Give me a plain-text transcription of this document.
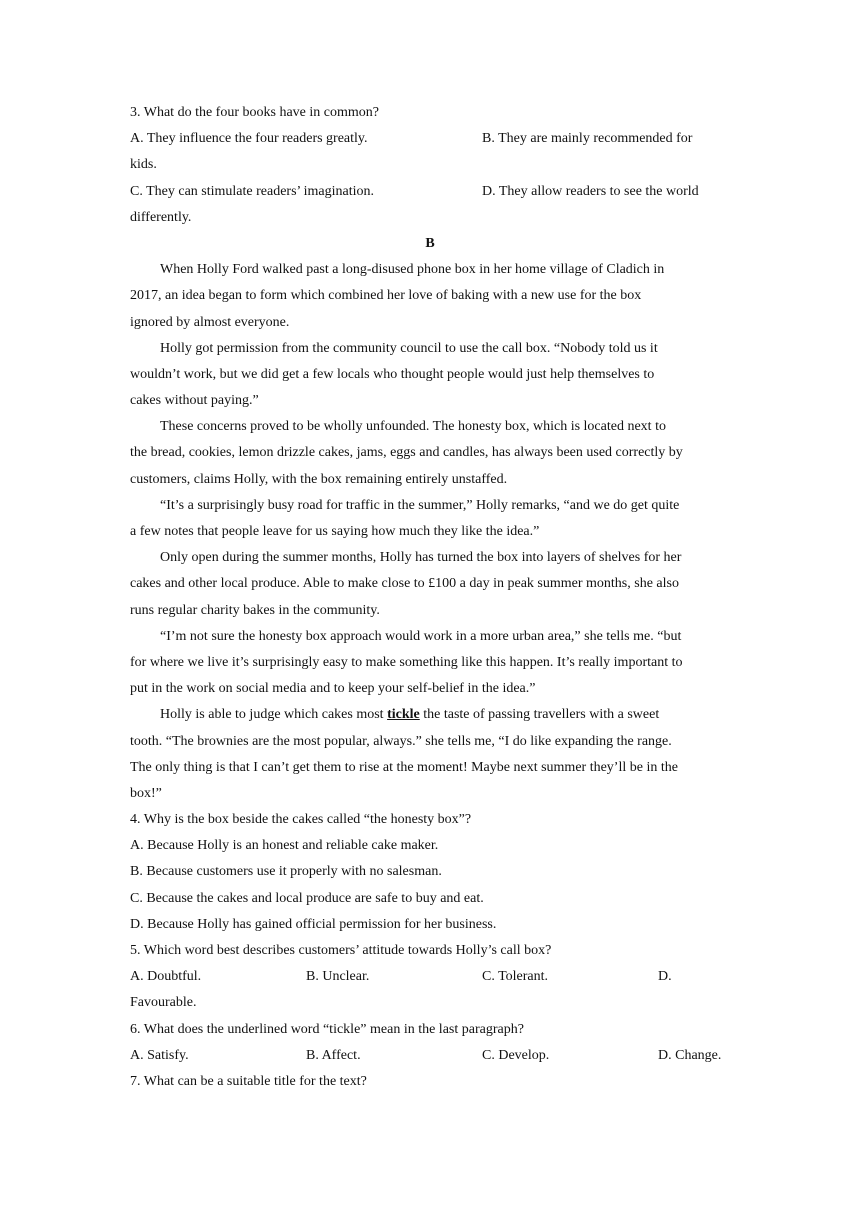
3. What do the four books have in common?
A. They influence the four readers greatly.	B. They are mainly recommended for
kids.
C. They can stimulate readers’ imagination.	D. They allow readers to see the world
differently.
B
When Holly Ford walked past a long-disused phone box in her home village of Cladich in
2017, an idea began to form which combined her love of baking with a new use for the box
ignored by almost everyone.
Holly got permission from the community council to use the call box. “Nobody told us it
wouldn’t work, but we did get a few locals who thought people would just help themselves to
cakes without paying.”
These concerns proved to be wholly unfounded. The honesty box, which is located next to
the bread, cookies, lemon drizzle cakes, jams, eggs and candles, has always been used correctly by
customers, claims Holly, with the box remaining entirely unstaffed.
“It’s a surprisingly busy road for traffic in the summer,” Holly remarks, “and we do get quite
a few notes that people leave for us saying how much they like the idea.”
Only open during the summer months, Holly has turned the box into layers of shelves for her
cakes and other local produce. Able to make close to £100 a day in peak summer months, she also
runs regular charity bakes in the community.
“I’m not sure the honesty box approach would work in a more urban area,” she tells me. “but
for where we live it’s surprisingly easy to make something like this happen. It’s really important to
put in the work on social media and to keep your self-belief in the idea.”
Holly is able to judge which cakes most tickle the taste of passing travellers with a sweet
tooth. “The brownies are the most popular, always.” she tells me, “I do like expanding the range.
The only thing is that I can’t get them to rise at the moment! Maybe next summer they’ll be in the
box!”
4. Why is the box beside the cakes called “the honesty box”?
A. Because Holly is an honest and reliable cake maker.
B. Because customers use it properly with no salesman.
C. Because the cakes and local produce are safe to buy and eat.
D. Because Holly has gained official permission for her business.
5. Which word best describes customers’ attitude towards Holly’s call box?
A. Doubtful.	B. Unclear.	C. Tolerant.	D.
Favourable.
6. What does the underlined word “tickle” mean in the last paragraph?
A. Satisfy.	B. Affect.	C. Develop.	D. Change.
7. What can be a suitable title for the text?
